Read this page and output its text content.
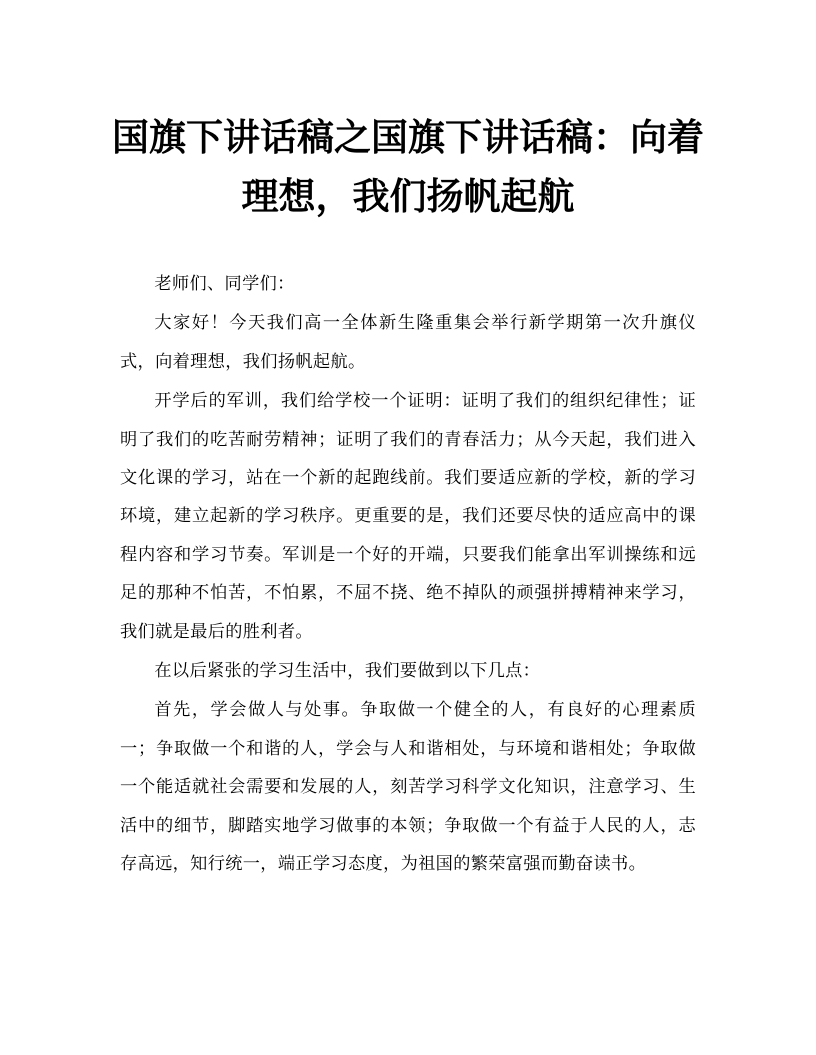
国旗下讲话稿之国旗下讲话稿：向着理想，我们扬帆起航

老师们、同学们：

大家好！今天我们高一全体新生隆重集会举行新学期第一次升旗仪式，向着理想，我们扬帆起航。

开学后的军训，我们给学校一个证明：证明了我们的组织纪律性；证明了我们的吃苦耐劳精神；证明了我们的青春活力；从今天起，我们进入文化课的学习，站在一个新的起跑线前。我们要适应新的学校，新的学习环境，建立起新的学习秩序。更重要的是，我们还要尽快的适应高中的课程内容和学习节奏。军训是一个好的开端，只要我们能拿出军训操练和远足的那种不怕苦，不怕累，不屈不挠、绝不掉队的顽强拼搏精神来学习，我们就是最后的胜利者。

在以后紧张的学习生活中，我们要做到以下几点：

首先，学会做人与处事。争取做一个健全的人，有良好的心理素质一；争取做一个和谐的人，学会与人和谐相处，与环境和谐相处；争取做一个能适就社会需要和发展的人，刻苦学习科学文化知识，注意学习、生活中的细节，脚踏实地学习做事的本领；争取做一个有益于人民的人，志存高远，知行统一，端正学习态度，为祖国的繁荣富强而勤奋读书。
